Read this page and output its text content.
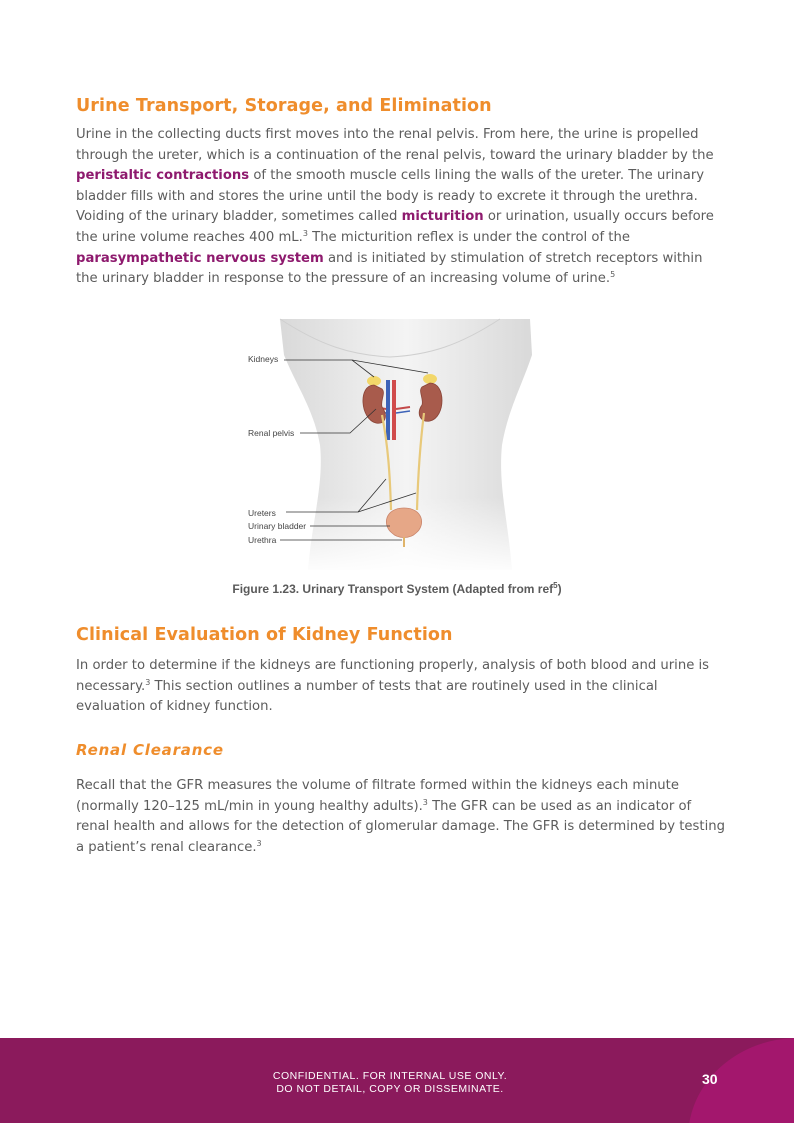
Urine Transport, Storage, and Elimination

Urine in the collecting ducts first moves into the renal pelvis. From here, the urine is propelled through the ureter, which is a continuation of the renal pelvis, toward the urinary bladder by the peristaltic contractions of the smooth muscle cells lining the walls of the ureter. The urinary bladder fills with and stores the urine until the body is ready to excrete it through the urethra. Voiding of the urinary bladder, sometimes called micturition or urination, usually occurs before the urine volume reaches 400 mL.$^3$ The micturition reflex is under the control of the parasympathetic nervous system and is initiated by stimulation of stretch receptors within the urinary bladder in response to the pressure of an increasing volume of urine.$^5$

Kidneys
Renal pelvis
Ureters
Urinary bladder
Urethra
Figure 1.23. Urinary Transport System (Adapted from ref$^5$)
Clinical Evaluation of Kidney Function

In order to determine if the kidneys are functioning properly, analysis of both blood and urine is necessary.$^3$ This section outlines a number of tests that are routinely used in the clinical evaluation of kidney function.

Renal Clearance

Recall that the GFR measures the volume of filtrate formed within the kidneys each minute (normally 120–125 mL/min in young healthy adults).$^3$ The GFR can be used as an indicator of renal health and allows for the detection of glomerular damage. The GFR is determined by testing a patient’s renal clearance.$^3$

CONFIDENTIAL. FOR INTERNAL USE ONLY.
DO NOT DETAIL, COPY OR DISSEMINATE.
30
